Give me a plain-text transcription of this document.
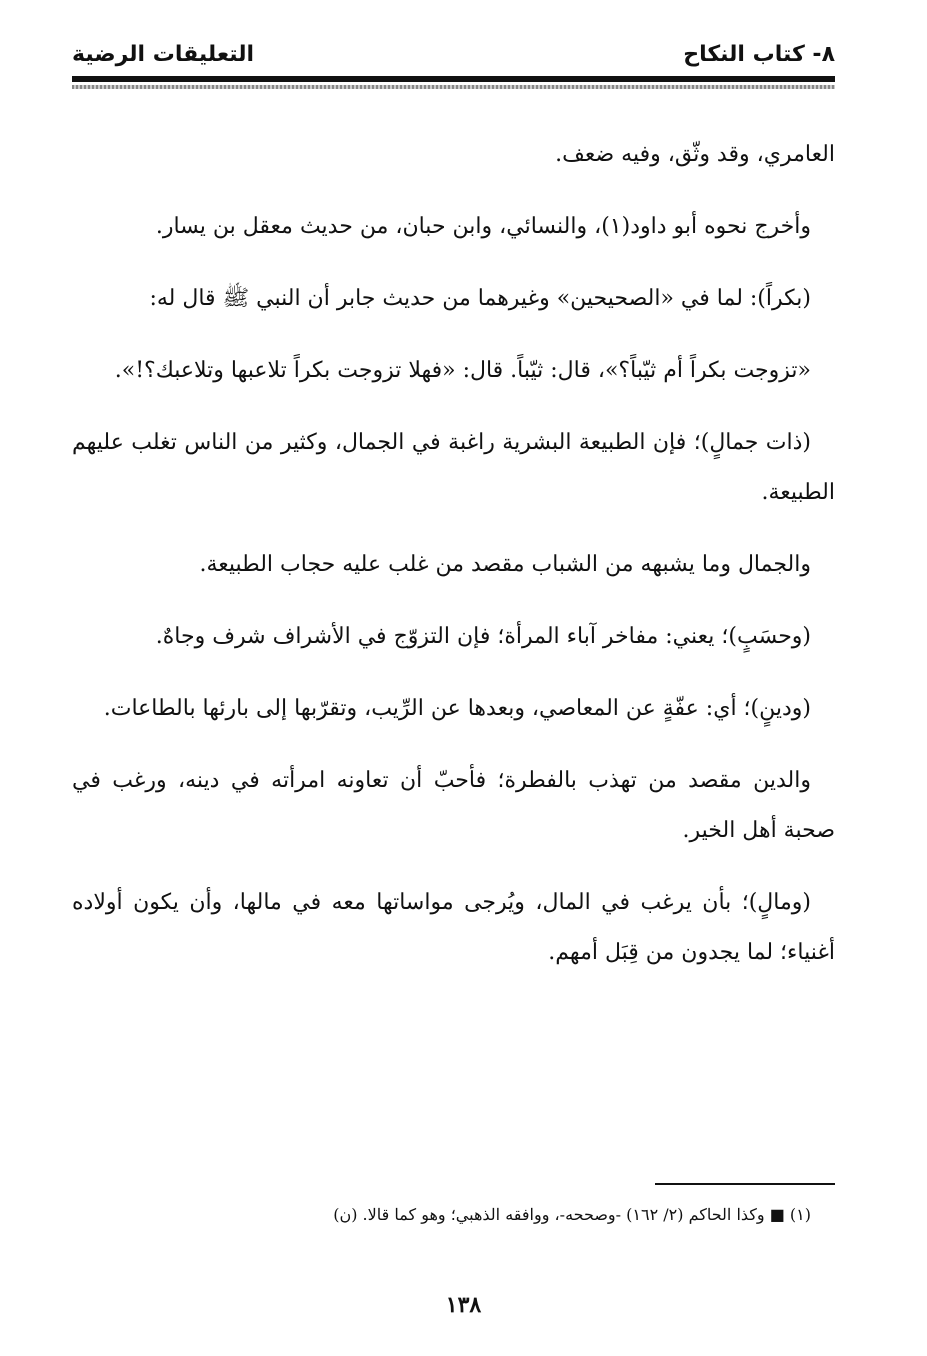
٨- كتاب النكاح
التعليقات الرضية

العامري، وقد وثّق، وفيه ضعف.

وأخرج نحوه أبو داود(١)، والنسائي، وابن حبان، من حديث معقل بن يسار.

(بكراً): لما في «الصحيحين» وغيرهما من حديث جابر أن النبي ﷺ قال له:

«تزوجت بكراً أم ثيّباً؟»، قال: ثيّباً. قال: «فهلا تزوجت بكراً تلاعبها وتلاعبك؟!».

(ذات جمالٍ)؛ فإن الطبيعة البشرية راغبة في الجمال، وكثير من الناس تغلب عليهم الطبيعة.

والجمال وما يشبهه من الشباب مقصد من غلب عليه حجاب الطبيعة.

(وحسَبٍ)؛ يعني: مفاخر آباء المرأة؛ فإن التزوّج في الأشراف شرف وجاهٌ.

(ودينٍ)؛ أي: عفّةٍ عن المعاصي، وبعدها عن الرِّيب، وتقرّبها إلى بارئها بالطاعات.

والدين مقصد من تهذب بالفطرة؛ فأحبّ أن تعاونه امرأته في دينه، ورغب في صحبة أهل الخير.

(ومالٍ)؛ بأن يرغب في المال، ويُرجى مواساتها معه في مالها، وأن يكون أولاده أغنياء؛ لما يجدون من قِبَل أمهم.

(١) ■ وكذا الحاكم (٢/ ١٦٢) -وصححه-، ووافقه الذهبي؛ وهو كما قالا. (ن)
١٣٨
